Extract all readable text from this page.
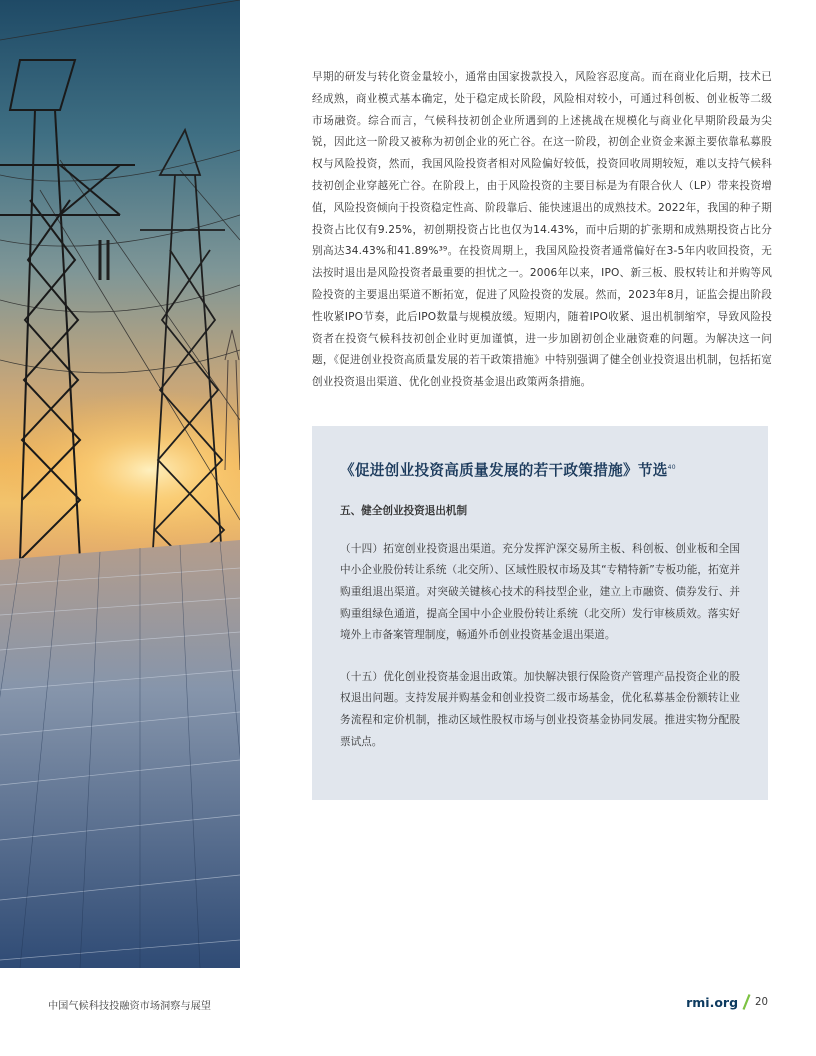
早期的研发与转化资金量较小，通常由国家拨款投入，风险容忍度高。而在商业化后期，技术已经成熟，商业模式基本确定，处于稳定成长阶段，风险相对较小，可通过科创板、创业板等二级市场融资。综合而言，气候科技初创企业所遇到的上述挑战在规模化与商业化早期阶段最为尖锐，因此这一阶段又被称为初创企业的死亡谷。在这一阶段，初创企业资金来源主要依靠私募股权与风险投资，然而，我国风险投资者相对风险偏好较低，投资回收周期较短，难以支持气候科技初创企业穿越死亡谷。在阶段上，由于风险投资的主要目标是为有限合伙人（LP）带来投资增值，风险投资倾向于投资稳定性高、阶段靠后、能快速退出的成熟技术。2022年，我国的种子期投资占比仅有9.25%，初创期投资占比也仅为14.43%，而中后期的扩张期和成熟期投资占比分别高达34.43%和41.89%³⁹。在投资周期上，我国风险投资者通常偏好在3-5年内收回投资，无法按时退出是风险投资者最重要的担忧之一。2006年以来，IPO、新三板、股权转让和并购等风险投资的主要退出渠道不断拓宽，促进了风险投资的发展。然而，2023年8月，证监会提出阶段性收紧IPO节奏，此后IPO数量与规模放缓。短期内，随着IPO收紧、退出机制缩窄，导致风险投资者在投资气候科技初创企业时更加谨慎，进一步加剧初创企业融资难的问题。为解决这一问题，《促进创业投资高质量发展的若干政策措施》中特别强调了健全创业投资退出机制，包括拓宽创业投资退出渠道、优化创业投资基金退出政策两条措施。

《促进创业投资高质量发展的若干政策措施》节选$^{40}$
五、健全创业投资退出机制

（十四）拓宽创业投资退出渠道。充分发挥沪深交易所主板、科创板、创业板和全国中小企业股份转让系统（北交所）、区域性股权市场及其“专精特新”专板功能，拓宽并购重组退出渠道。对突破关键核心技术的科技型企业，建立上市融资、债券发行、并购重组绿色通道，提高全国中小企业股份转让系统（北交所）发行审核质效。落实好境外上市备案管理制度，畅通外币创业投资基金退出渠道。

（十五）优化创业投资基金退出政策。加快解决银行保险资产管理产品投资企业的股权退出问题。支持发展并购基金和创业投资二级市场基金，优化私募基金份额转让业务流程和定价机制，推动区域性股权市场与创业投资基金协同发展。推进实物分配股票试点。

中国气候科技投融资市场洞察与展望	rmi.org 20
